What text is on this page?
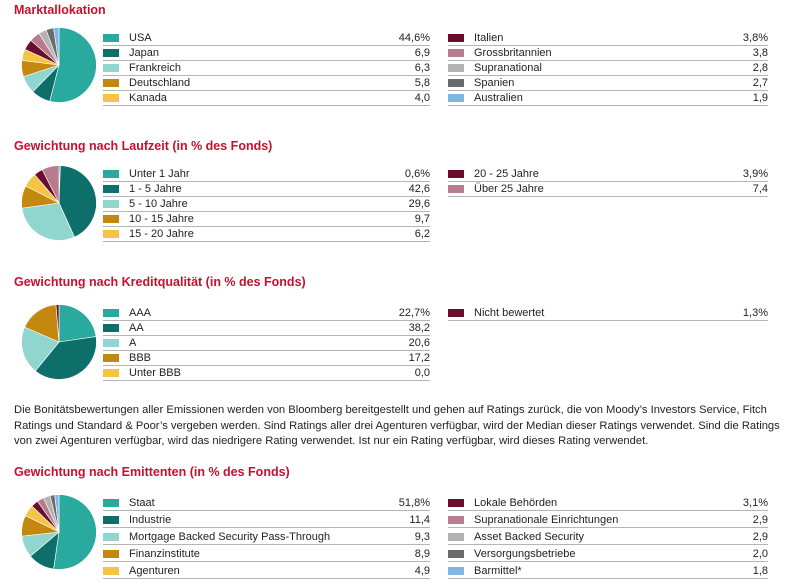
Marktallokation
USA	44,6%
Japan	6,9
Frankreich	6,3
Deutschland	5,8
Kanada	4,0
Italien	3,8%
Grossbritannien	3,8
Supranational	2,8
Spanien	2,7
Australien	1,9
Gewichtung nach Laufzeit (in % des Fonds)
Unter 1 Jahr	0,6%
1 - 5 Jahre	42,6
5 - 10 Jahre	29,6
10 - 15 Jahre	9,7
15 - 20 Jahre	6,2
20 - 25 Jahre	3,9%
Über 25 Jahre	7,4
Gewichtung nach Kreditqualität (in % des Fonds)
AAA	22,7%
AA	38,2
A	20,6
BBB	17,2
Unter BBB	0,0
Nicht bewertet	1,3%

Die Bonitätsbewertungen aller Emissionen werden von Bloomberg bereitgestellt und gehen auf Ratings zurück, die von Moody’s Investors Service, Fitch Ratings und Standard & Poor’s vergeben werden. Sind Ratings aller drei Agenturen verfügbar, wird der Median dieser Ratings verwendet. Sind die Ratings von zwei Agenturen verfügbar, wird das niedrigere Rating verwendet. Ist nur ein Rating verfügbar, wird dieses Rating verwendet.

Gewichtung nach Emittenten (in % des Fonds)
Staat	51,8%
Industrie	11,4
Mortgage Backed Security Pass-Through	9,3
Finanzinstitute	8,9
Agenturen	4,9
Lokale Behörden	3,1%
Supranationale Einrichtungen	2,9
Asset Backed Security	2,9
Versorgungsbetriebe	2,0
Barmittel*	1,8
